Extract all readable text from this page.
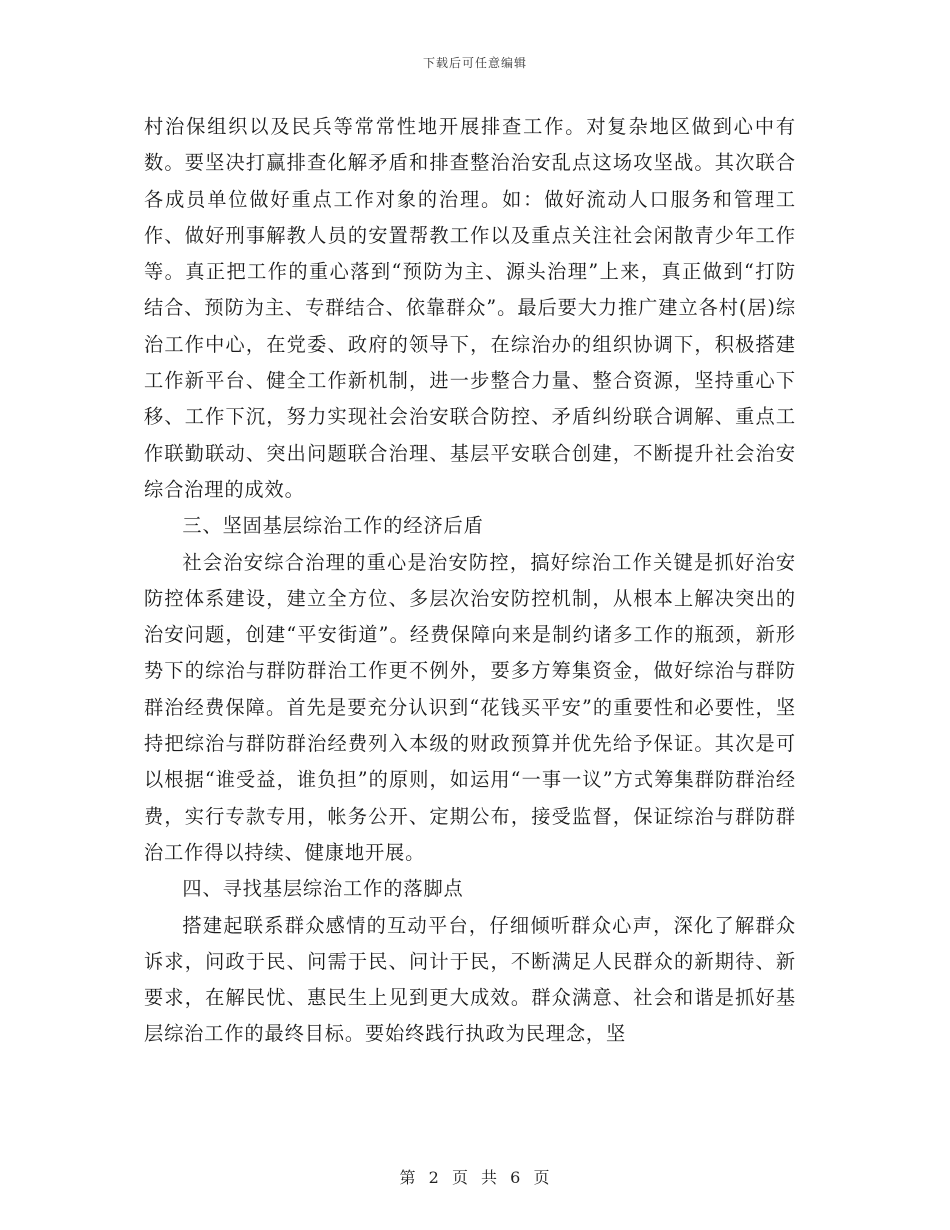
下载后可任意编辑

村治保组织以及民兵等常常性地开展排查工作。对复杂地区做到心中有数。要坚决打赢排查化解矛盾和排查整治治安乱点这场攻坚战。其次联合各成员单位做好重点工作对象的治理。如：做好流动人口服务和管理工作、做好刑事解教人员的安置帮教工作以及重点关注社会闲散青少年工作等。真正把工作的重心落到“预防为主、源头治理”上来，真正做到“打防结合、预防为主、专群结合、依靠群众”。最后要大力推广建立各村(居)综治工作中心，在党委、政府的领导下，在综治办的组织协调下，积极搭建工作新平台、健全工作新机制，进一步整合力量、整合资源，坚持重心下移、工作下沉，努力实现社会治安联合防控、矛盾纠纷联合调解、重点工作联勤联动、突出问题联合治理、基层平安联合创建，不断提升社会治安综合治理的成效。

三、坚固基层综治工作的经济后盾

社会治安综合治理的重心是治安防控，搞好综治工作关键是抓好治安防控体系建设，建立全方位、多层次治安防控机制，从根本上解决突出的治安问题，创建“平安街道”。经费保障向来是制约诸多工作的瓶颈，新形势下的综治与群防群治工作更不例外，要多方筹集资金，做好综治与群防群治经费保障。首先是要充分认识到“花钱买平安”的重要性和必要性，坚持把综治与群防群治经费列入本级的财政预算并优先给予保证。其次是可以根据“谁受益，谁负担”的原则，如运用“一事一议”方式筹集群防群治经费，实行专款专用，帐务公开、定期公布，接受监督，保证综治与群防群治工作得以持续、健康地开展。

四、寻找基层综治工作的落脚点

搭建起联系群众感情的互动平台，仔细倾听群众心声，深化了解群众诉求，问政于民、问需于民、问计于民，不断满足人民群众的新期待、新要求，在解民忧、惠民生上见到更大成效。群众满意、社会和谐是抓好基层综治工作的最终目标。要始终践行执政为民理念，坚

第 2 页 共 6 页
